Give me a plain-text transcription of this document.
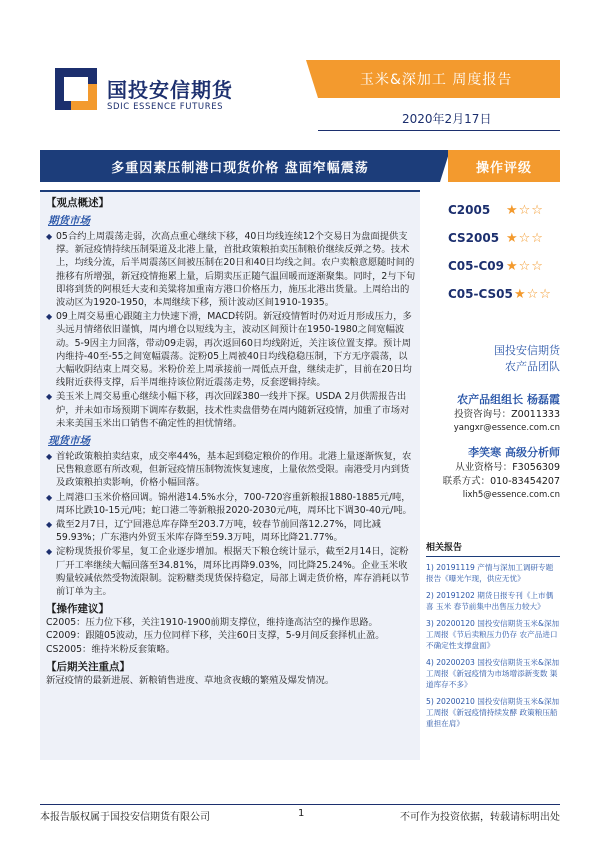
国投安信期货
SDIC ESSENCE FUTURES
玉米&深加工 周度报告
2020年2月17日
多重因素压制港口现货价格 盘面窄幅震荡	操作评级
【观点概述】
期货市场
◆ 05合约上周震荡走弱，次高点重心继续下移，40日均线连续12个交易日为盘面提供支撑。新冠疫情持续压制渠道及北港上量，首批政策粮拍卖压制粮价继续反弹之势。技术上，均线分流，后半周震荡区间被压制在20日和40日均线之间。农户卖粮意愿随时间的推移有所增强，新冠疫情拖累上量，后期卖压正随气温回暖而逐渐聚集。同时，2与下旬即将到货的阿根廷大麦和美粱将加重南方港口价格压力，施压北港出货量。上周给出的波动区为1920-1950，本周继续下移，预计波动区间1910-1935。
◆ 09上周交易重心跟随主力快速下滑，MACD转阴。新冠疫情暂时仍对近月形成压力，多头远月情绪依旧谨慎，周内增仓以短线为主，波动区间预计在1950-1980之间宽幅波动。5-9因主力回落，带动09走弱，再次返回60日均线附近，关注该位置支撑。预计周内维持-40至-55之间宽幅震荡。淀粉05上周被40日均线稳稳压制，下方无序震荡，以大幅收阴结束上周交易。米粉价差上周承接前一周低点开盘，继续走扩，目前在20日均线附近获得支撑，后半周维持该位附近震荡走势，反套逻辑持续。
◆ 美玉米上周交易重心继续小幅下移，再次回踩380一线并下探。USDA 2月供需报告出炉，并未如市场预期下调库存数据，技术性卖盘借势在周内随新冠疫情，加重了市场对未来美国玉米出口销售不确定性的担忧情绪。
现货市场
◆ 首轮政策粮拍卖结束，成交率44%，基本起到稳定粮价的作用。北港上量逐渐恢复，农民售粮意愿有所改观，但新冠疫情压制物流恢复速度，上量依然受限。南港受月内到货及政策粮拍卖影响，价格小幅回落。
◆ 上周港口玉米价格回调。锦州港14.5%水分，700-720容重新粮报1880-1885元/吨，周环比跌10-15元/吨；蛇口港二等新粮报2020-2030元/吨，周环比下调30-40元/吨。
◆ 截至2月7日，辽宁回港总库存降至203.7万吨，较春节前回落12.27%，同比减59.93%；广东港内外贸玉米库存降至59.3万吨，周环比降21.77%。
◆ 淀粉现货报价零星，复工企业逐步增加。根据天下粮仓统计显示，截至2月14日，淀粉厂开工率继续大幅回落至34.81%，周环比再降9.03%，同比降25.24%。企业玉米收购量较减依然受物流限制。淀粉糖类现货保持稳定，局部上调走货价格，库存消耗以节前订单为主。
【操作建议】
C2005：压力位下移，关注1910-1900前期支撑位，维持逢高沽空的操作思路。
C2009：跟随05波动，压力位同样下移，关注60日支撑，5-9月间反套择机止盈。
CS2005：维持米粉反套策略。
【后期关注重点】
新冠疫情的最新进展、新粮销售进度、草地贪夜蛾的繁殖及爆发情况。
C2005	★☆☆
CS2005 ★☆☆
C05-C09 ★☆☆
C05-CS05 ★☆☆
国投安信期货
农产品团队
农产品组组长 杨磊霞
投资咨询号：Z0011333
yangxr@essence.com.cn
李笑寒 高级分析师
从业资格号：F3056309
联系方式：010-83454207
lixh5@essence.com.cn
相关报告
1) 20191119 产情与深加工调研专题报告《曝光乍现，供应无忧》
2) 20191202 期货日报专刊《上市偶喜 玉米 春节前集中出售压力较大》
3) 20200120 国投安信期货玉米&深加工周报《节后卖粮压力仍存 农产品进口不确定性支撑盘面》
4) 20200203 国投安信期货玉米&深加工周报《新冠疫情为市场增添新变数 渠道库存不多》
5) 20200210 国投安信期货玉米&深加工周报《新冠疫情持续发酵 政策粮压船重担在肩》
本报告版权属于国投安信期货有限公司	1	不可作为投资依据，转载请标明出处
